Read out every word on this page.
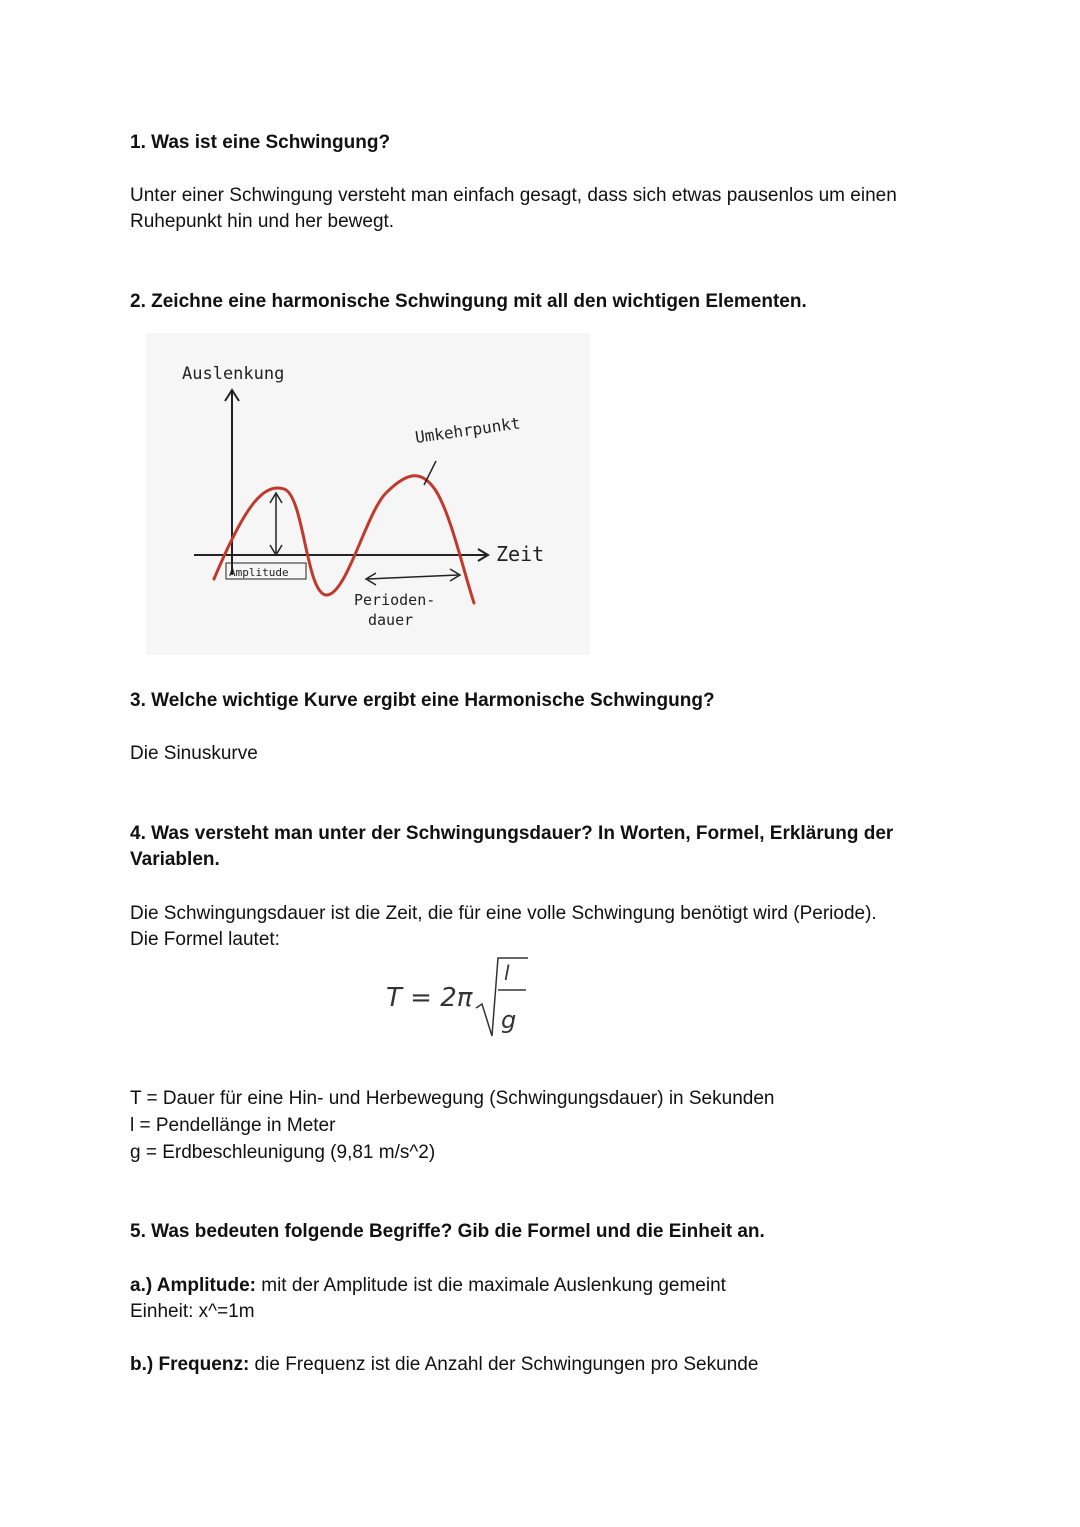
1. Was ist eine Schwingung?
Unter einer Schwingung versteht man einfach gesagt, dass sich etwas pausenlos um einen
Ruhepunkt hin und her bewegt.
2. Zeichne eine harmonische Schwingung mit all den wichtigen Elementen.
Auslenkung
Umkehrpunkt
Zeit
Amplitude
Perioden-
dauer
3. Welche wichtige Kurve ergibt eine Harmonische Schwingung?
Die Sinuskurve
4. Was versteht man unter der Schwingungsdauer? In Worten, Formel, Erklärung der
Variablen.
Die Schwingungsdauer ist die Zeit, die für eine volle Schwingung benötigt wird (Periode).
Die Formel lautet:
T = 2π
l
g
T = Dauer für eine Hin- und Herbewegung (Schwingungsdauer) in Sekunden
l = Pendellänge in Meter
g = Erdbeschleunigung (9,81 m/s^2)
5. Was bedeuten folgende Begriffe? Gib die Formel und die Einheit an.
a.) Amplitude: mit der Amplitude ist die maximale Auslenkung gemeint
Einheit: x^=1m
b.) Frequenz: die Frequenz ist die Anzahl der Schwingungen pro Sekunde
